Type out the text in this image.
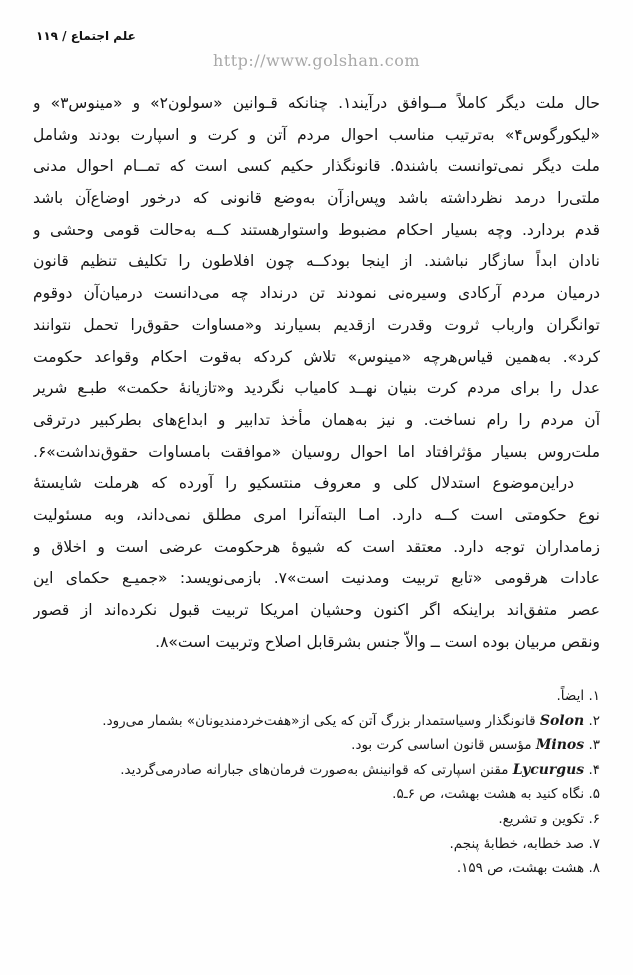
علم اجتماع / ۱۱۹
http://www.golshan.com
حال ملت دیگر کاملاً مــوافق درآیند۱. چنانکه قـوانین «سولون۲» و «مینوس۳» و
«لیکورگوس۴» به‌ترتیب مناسب احوال مردم آتن و کرت و اسپارت بودند وشامل
ملت دیگر نمی‌توانست باشند۵. قانونگذار حکیم کسی است که تمــام احوال مدنی
ملتی‌را درمد نظرداشته باشد وپس‌ازآن به‌وضع قانونی که درخور اوضاع‌آن باشد
قدم بردارد. وچه بسیار احکام مضبوط واستوارهستند کــه به‌حالت قومی وحشی و
نادان ابداً سازگار نباشند. از اینجا بودکــه چون افلاطون را تکلیف تنظیم قانون
درمیان مردم آرکادی وسیره‌نی نمودند تن درنداد چه می‌دانست درمیان‌آن دوقوم
توانگران وارباب ثروت وقدرت ازقدیم بسیارند و«مساوات حقوق‌را تحمل نتوانند
کرد». به‌همین قیاس‌هرچه «مینوس» تلاش کردکه به‌قوت احکام وقواعد حکومت
عدل را برای مردم کرت بنیان نهــد کامیاب نگردید و«تازیانهٔ حکمت» طبـع شریر
آن مردم را رام نساخت. و نیز به‌همان مأخذ تدابیر و ابداع‌های بطرکبیر درترقی
ملت‌روس بسیار مؤثرافتاد اما احوال روسیان «موافقت بامساوات حقوق‌نداشت»۶.
دراین‌موضوع استدلال کلی و معروف منتسکیو را آورده که هرملت شایستهٔ
نوع حکومتی است کــه دارد. امـا البته‌آنرا امری مطلق نمی‌داند، وبه مسئولیت
زمامداران توجه دارد. معتقد است که شیوهٔ هرحکومت عرضی است و اخلاق و
عادات هرقومی «تابع تربیت ومدنیت است»۷. بازمی‌نویسد: «جمیـع حکمای این
عصر متفق‌اند براینکه اگر اکنون وحشیان امریکا تربیت قبول نکرده‌اند از قصور
ونقص مربیان بوده است ــ والاّ جنس بشرقابل اصلاح وتربیت است»۸.
۱. ایضاً.
۲. Solon قانونگذار وسیاستمدار بزرگ آتن که یکی از«هفت‌خردمندیونان» بشمار می‌رود.
۳. Minos مؤسس قانون اساسی کرت بود.
۴. Lycurgus مقنن اسپارتی که قوانینش به‌صورت فرمان‌های جبارانه صادرمی‌گردید.
۵. نگاه کنید به هشت بهشت، ص ۶ـ۵.
۶. تکوین و تشریع.
۷. صد خطابه، خطابهٔ پنجم.
۸. هشت بهشت، ص ۱۵۹.
